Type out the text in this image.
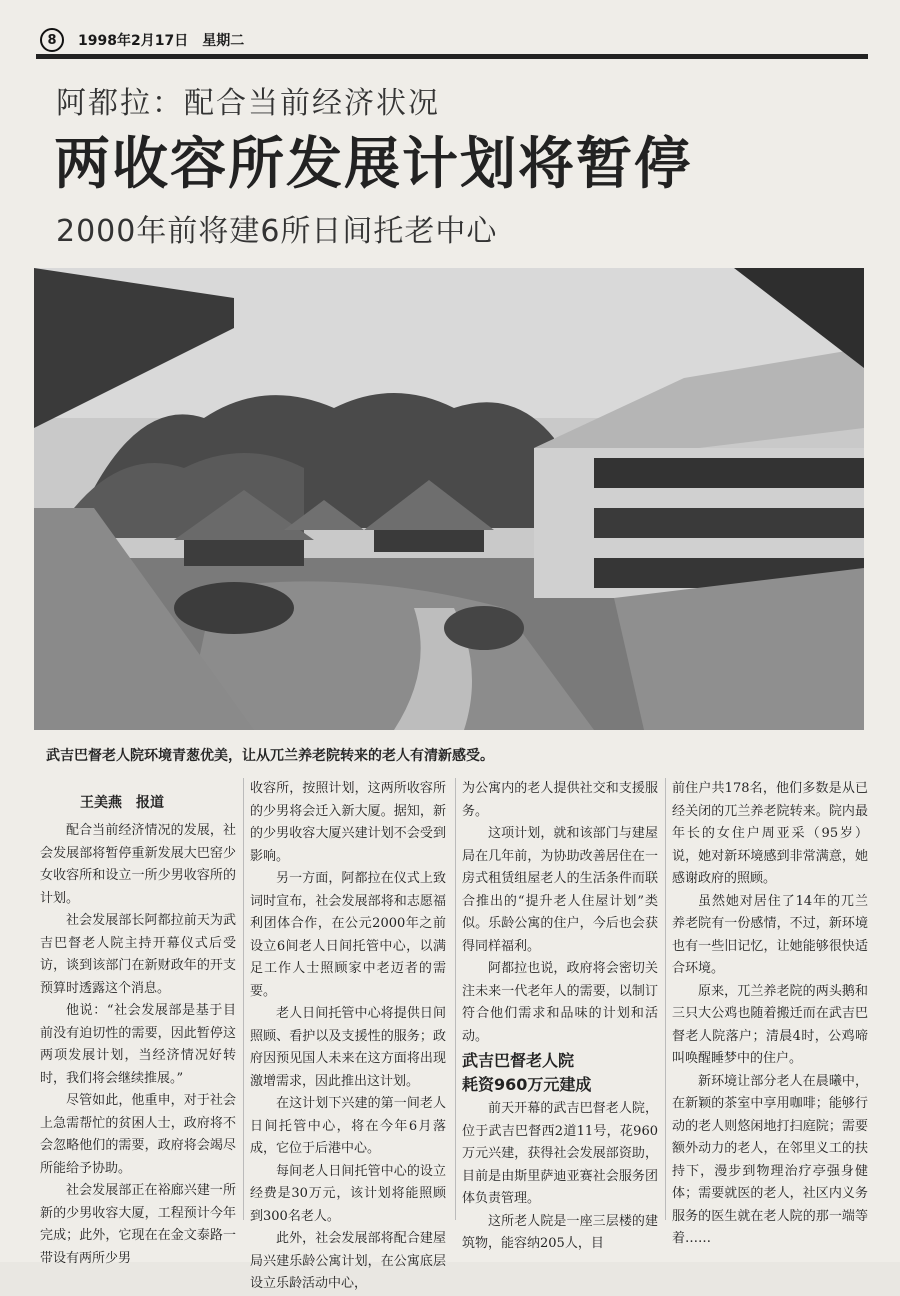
8	1998年2月17日 星期二
阿都拉：配合当前经济状况
两收容所发展计划将暂停
2000年前将建6所日间托老中心
武吉巴督老人院环境青葱优美，让从兀兰养老院转来的老人有清新感受。
王美燕　报道

配合当前经济情况的发展，社会发展部将暂停重新发展大巴窑少女收容所和设立一所少男收容所的计划。

社会发展部长阿都拉前天为武吉巴督老人院主持开幕仪式后受访，谈到该部门在新财政年的开支预算时透露这个消息。

他说：“社会发展部是基于目前没有迫切性的需要，因此暂停这两项发展计划，当经济情况好转时，我们将会继续推展。”

尽管如此，他重申，对于社会上急需帮忙的贫困人士，政府将不会忽略他们的需要，政府将会竭尽所能给予协助。

社会发展部正在裕廊兴建一所新的少男收容大厦，工程预计今年完成；此外，它现在在金文泰路一带设有两所少男

收容所，按照计划，这两所收容所的少男将会迁入新大厦。据知，新的少男收容大厦兴建计划不会受到影响。

另一方面，阿都拉在仪式上致词时宣布，社会发展部将和志愿福利团体合作，在公元2000年之前设立6间老人日间托管中心，以满足工作人士照顾家中老迈者的需要。

老人日间托管中心将提供日间照顾、看护以及支援性的服务；政府因预见国人未来在这方面将出现激增需求，因此推出这计划。

在这计划下兴建的第一间老人日间托管中心，将在今年6月落成，它位于后港中心。

每间老人日间托管中心的设立经费是30万元，该计划将能照顾到300名老人。

此外，社会发展部将配合建屋局兴建乐龄公寓计划，在公寓底层设立乐龄活动中心，

为公寓内的老人提供社交和支援服务。

这项计划，就和该部门与建屋局在几年前，为协助改善居住在一房式租赁组屋老人的生活条件而联合推出的“提升老人住屋计划”类似。乐龄公寓的住户，今后也会获得同样福利。

阿都拉也说，政府将会密切关注未来一代老年人的需要，以制订符合他们需求和品味的计划和活动。

武吉巴督老人院
耗资960万元建成

前天开幕的武吉巴督老人院，位于武吉巴督西2道11号，花960万元兴建，获得社会发展部资助，目前是由斯里萨迪亚赛社会服务团体负责管理。

这所老人院是一座三层楼的建筑物，能容纳205人，目

前住户共178名，他们多数是从已经关闭的兀兰养老院转来。院内最年长的女住户周亚采（95岁）说，她对新环境感到非常满意，她感谢政府的照顾。

虽然她对居住了14年的兀兰养老院有一份感情，不过，新环境也有一些旧记忆，让她能够很快适合环境。

原来，兀兰养老院的两头鹅和三只大公鸡也随着搬迁而在武吉巴督老人院落户；清晨4时，公鸡啼叫唤醒睡梦中的住户。

新环境让部分老人在晨曦中，在新颖的茶室中享用咖啡；能够行动的老人则悠闲地打扫庭院；需要额外动力的老人，在邻里义工的扶持下，漫步到物理治疗亭强身健体；需要就医的老人，社区内义务服务的医生就在老人院的那一端等着……
